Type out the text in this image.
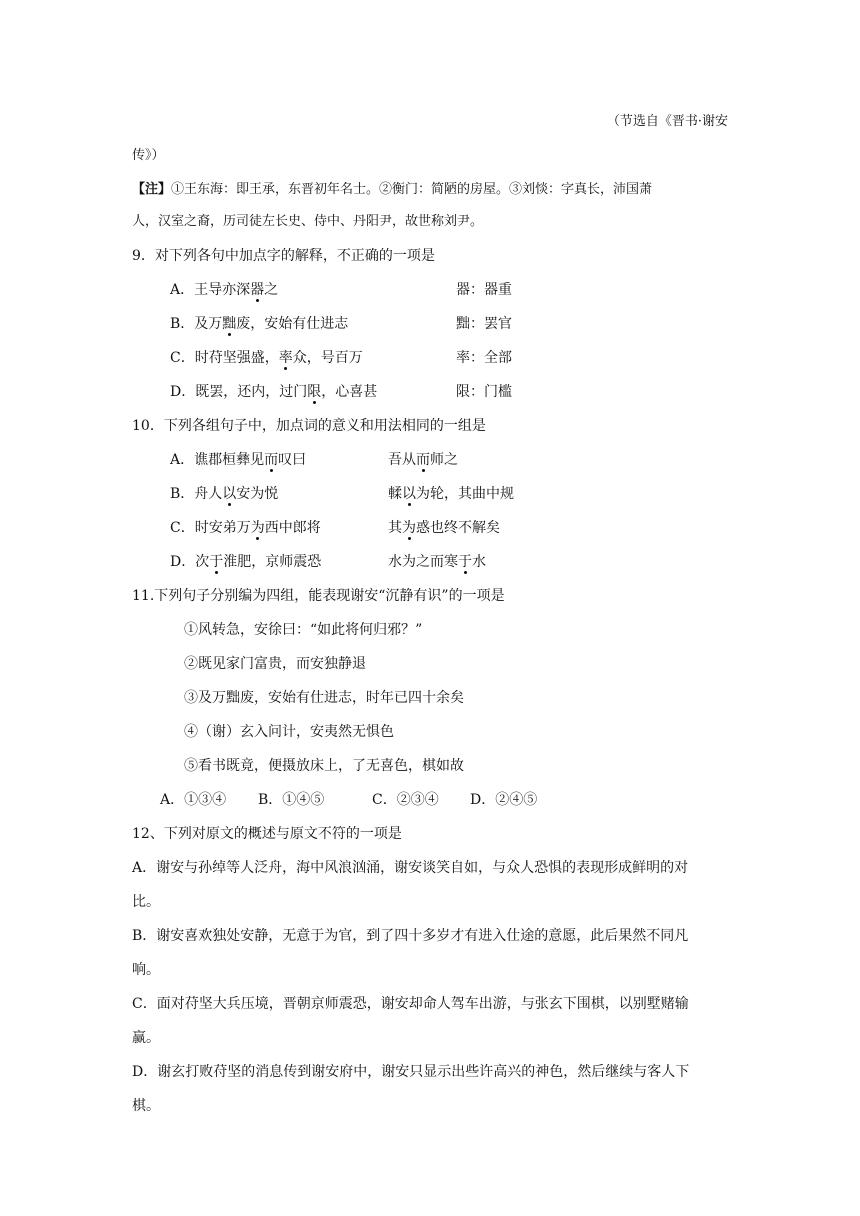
（节选自《晋书·谢安
传》）
【注】①王东海：即王承，东晋初年名士。②衡门：简陋的房屋。③刘惔：字真长，沛国萧
人，汉室之裔，历司徒左长史、侍中、丹阳尹，故世称刘尹。
9．对下列各句中加点字的解释，不正确的一项是
A．王导亦深器之	器：器重
B．及万黜废，安始有仕进志	黜：罢官
C．时苻坚强盛，率众，号百万	率：全部
D．既罢，还内，过门限，心喜甚	限：门槛
10．下列各组句子中，加点词的意义和用法相同的一组是
A．谯郡桓彝见而叹曰	吾从而师之
B．舟人以安为悦	輮以为轮，其曲中规
C．时安弟万为西中郎将	其为惑也终不解矣
D．次于淮肥，京师震恐	水为之而寒于水
11.下列句子分别编为四组，能表现谢安“沉静有识”的一项是
①风转急，安徐曰：“如此将何归邪？”
②既见家门富贵，而安独静退
③及万黜废，安始有仕进志，时年已四十余矣
④（谢）玄入问计，安夷然无惧色
⑤看书既竟，便摄放床上，了无喜色，棋如故
A．①③④ B．①④⑤	C．②③④ D．②④⑤
12、下列对原文的概述与原文不符的一项是
A．谢安与孙绰等人泛舟，海中风浪汹涌，谢安谈笑自如，与众人恐惧的表现形成鲜明的对
比。
B．谢安喜欢独处安静，无意于为官，到了四十多岁才有进入仕途的意愿，此后果然不同凡
响。
C．面对苻坚大兵压境，晋朝京师震恐，谢安却命人驾车出游，与张玄下围棋，以别墅赌输
赢。
D．谢玄打败苻坚的消息传到谢安府中，谢安只显示出些许高兴的神色，然后继续与客人下
棋。
